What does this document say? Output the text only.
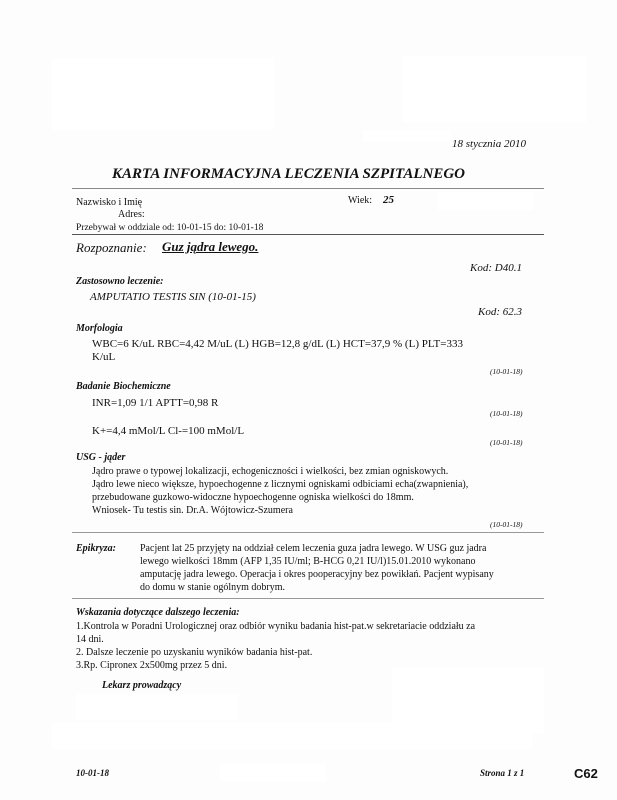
18 stycznia 2010
KARTA INFORMACYJNA LECZENIA SZPITALNEGO
Nazwisko i Imię	Wiek: 25
Adres:
Przebywał w oddziale od: 10-01-15 do: 10-01-18
Rozpoznanie: Guz jądra lewego.
Kod: D40.1
Zastosowno leczenie:
AMPUTATIO TESTIS SIN (10-01-15)
Kod: 62.3
Morfologia
WBC=6 K/uL RBC=4,42 M/uL (L) HGB=12,8 g/dL (L) HCT=37,9 % (L) PLT=333
K/uL
(10-01-18)
Badanie Biochemiczne
INR=1,09 1/1 APTT=0,98 R
(10-01-18)
K+=4,4 mMol/L Cl-=100 mMol/L
(10-01-18)
USG - jąder
Jądro prawe o typowej lokalizacji, echogeniczności i wielkości, bez zmian ogniskowych.
Jądro lewe nieco większe, hypoechogenne z licznymi ogniskami odbiciami echa(zwapnienia),
przebudowane guzkowo-widoczne hypoechogenne ogniska wielkości do 18mm.
Wniosek- Tu testis sin. Dr.A. Wójtowicz-Szumera
(10-01-18)
Epikryza: Pacjent lat 25 przyjęty na oddział celem leczenia guza jadra lewego. W USG guz jadra
lewego wielkości 18mm (AFP 1,35 IU/ml; B-HCG 0,21 IU/l)15.01.2010 wykonano
amputację jadra lewego. Operacja i okres pooperacyjny bez powikłań. Pacjent wypisany
do domu w stanie ogólnym dobrym.
Wskazania dotyczące dalszego leczenia:
1.Kontrola w Poradni Urologicznej oraz odbiór wyniku badania hist-pat.w sekretariacie oddziału za
14 dni.
2. Dalsze leczenie po uzyskaniu wyników badania hist-pat.
3.Rp. Cipronex 2x500mg przez 5 dni.
Lekarz prowadzący
10-01-18	Strona 1 z 1	C62
